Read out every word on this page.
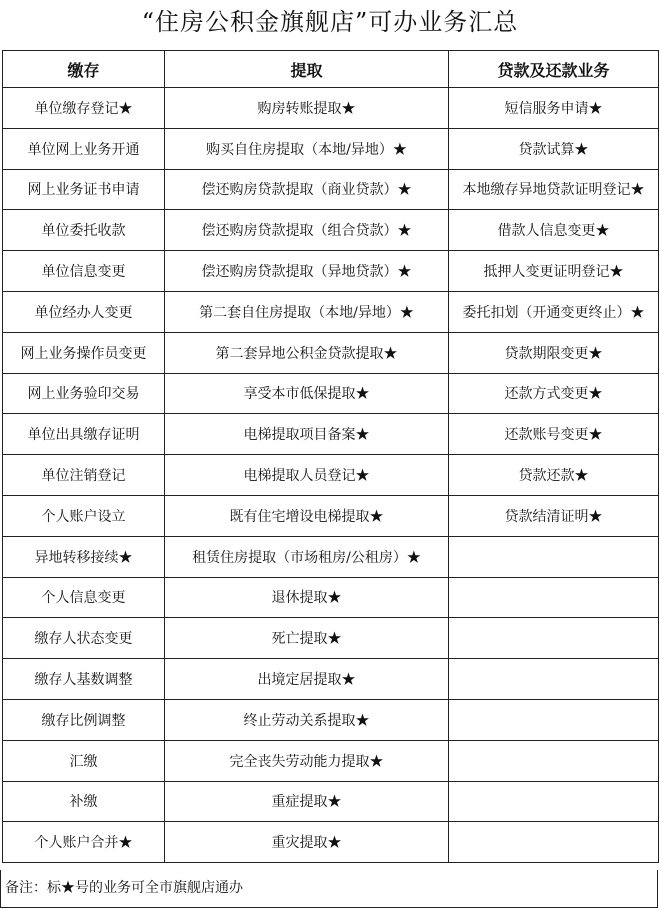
“住房公积金旗舰店”可办业务汇总
缴存	提取	贷款及还款业务
单位缴存登记★	购房转账提取★	短信服务申请★
单位网上业务开通	购买自住房提取（本地/异地）★	贷款试算★
网上业务证书申请	偿还购房贷款提取（商业贷款）★	本地缴存异地贷款证明登记★
单位委托收款	偿还购房贷款提取（组合贷款）★	借款人信息变更★
单位信息变更	偿还购房贷款提取（异地贷款）★	抵押人变更证明登记★
单位经办人变更	第二套自住房提取（本地/异地）★	委托扣划（开通变更终止）★
网上业务操作员变更	第二套异地公积金贷款提取★	贷款期限变更★
网上业务验印交易	享受本市低保提取★	还款方式变更★
单位出具缴存证明	电梯提取项目备案★	还款账号变更★
单位注销登记	电梯提取人员登记★	贷款还款★
个人账户设立	既有住宅增设电梯提取★	贷款结清证明★
异地转移接续★	租赁住房提取（市场租房/公租房）★	
个人信息变更	退休提取★	
缴存人状态变更	死亡提取★	
缴存人基数调整	出境定居提取★	
缴存比例调整	终止劳动关系提取★	
汇缴	完全丧失劳动能力提取★	
补缴	重症提取★	
个人账户合并★	重灾提取★	
备注：标★号的业务可全市旗舰店通办
